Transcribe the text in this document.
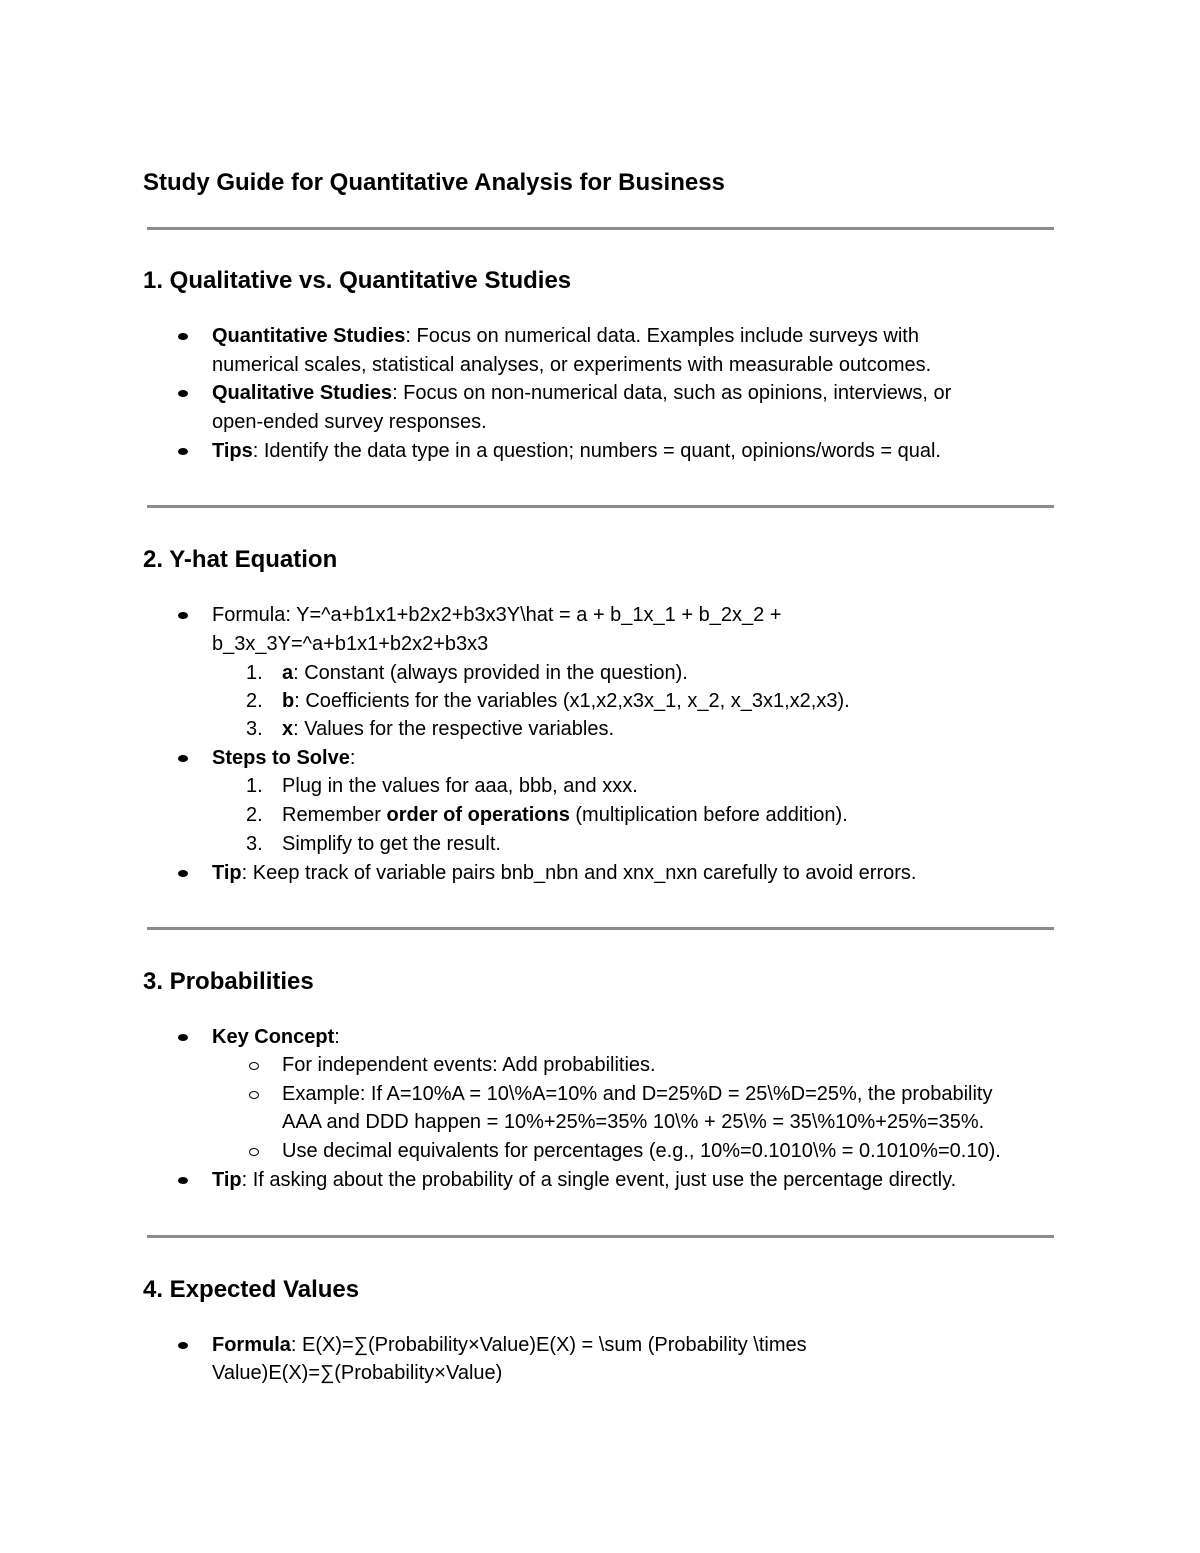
Study Guide for Quantitative Analysis for Business
1. Qualitative vs. Quantitative Studies
Quantitative Studies: Focus on numerical data. Examples include surveys with
numerical scales, statistical analyses, or experiments with measurable outcomes.
Qualitative Studies: Focus on non-numerical data, such as opinions, interviews, or
open-ended survey responses.
Tips: Identify the data type in a question; numbers = quant, opinions/words = qual.
2. Y-hat Equation
Formula: Y=^a+b1x1+b2x2+b3x3Y\hat = a + b_1x_1 + b_2x_2 +
b_3x_3Y=^a+b1x1+b2x2+b3x3
1. a: Constant (always provided in the question).
2. b: Coefficients for the variables (x1,x2,x3x_1, x_2, x_3x1,x2,x3).
3. x: Values for the respective variables.
Steps to Solve:
1. Plug in the values for aaa, bbb, and xxx.
2. Remember order of operations (multiplication before addition).
3. Simplify to get the result.
Tip: Keep track of variable pairs bnb_nbn and xnx_nxn carefully to avoid errors.
3. Probabilities
Key Concept:
For independent events: Add probabilities.
Example: If A=10%A = 10\%A=10% and D=25%D = 25\%D=25%, the probability
AAA and DDD happen = 10%+25%=35% 10\% + 25\% = 35\%10%+25%=35%.
Use decimal equivalents for percentages (e.g., 10%=0.1010\% = 0.1010%=0.10).
Tip: If asking about the probability of a single event, just use the percentage directly.
4. Expected Values
Formula: E(X)=∑(Probability×Value)E(X) = \sum (Probability \times
Value)E(X)=∑(Probability×Value)
